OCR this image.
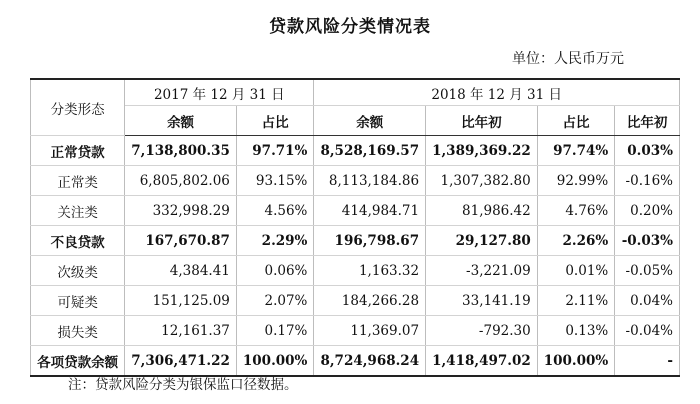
贷款风险分类情况表
单位：人民币万元
分类形态	2017 年 12 月 31 日		2018 年 12 月 31 日			
	余额	占比	余额	比年初	占比	比年初
正常贷款	7,138,800.35	97.71%	8,528,169.57	1,389,369.22	97.74%	0.03%
正常类	6,805,802.06	93.15%	8,113,184.86	1,307,382.80	92.99%	-0.16%
关注类	332,998.29	4.56%	414,984.71	81,986.42	4.76%	0.20%
不良贷款	167,670.87	2.29%	196,798.67	29,127.80	2.26%	-0.03%
次级类	4,384.41	0.06%	1,163.32	-3,221.09	0.01%	-0.05%
可疑类	151,125.09	2.07%	184,266.28	33,141.19	2.11%	0.04%
损失类	12,161.37	0.17%	11,369.07	-792.30	0.13%	-0.04%
各项贷款余额	7,306,471.22	100.00%	8,724,968.24	1,418,497.02	100.00%	-
注：贷款风险分类为银保监口径数据。
